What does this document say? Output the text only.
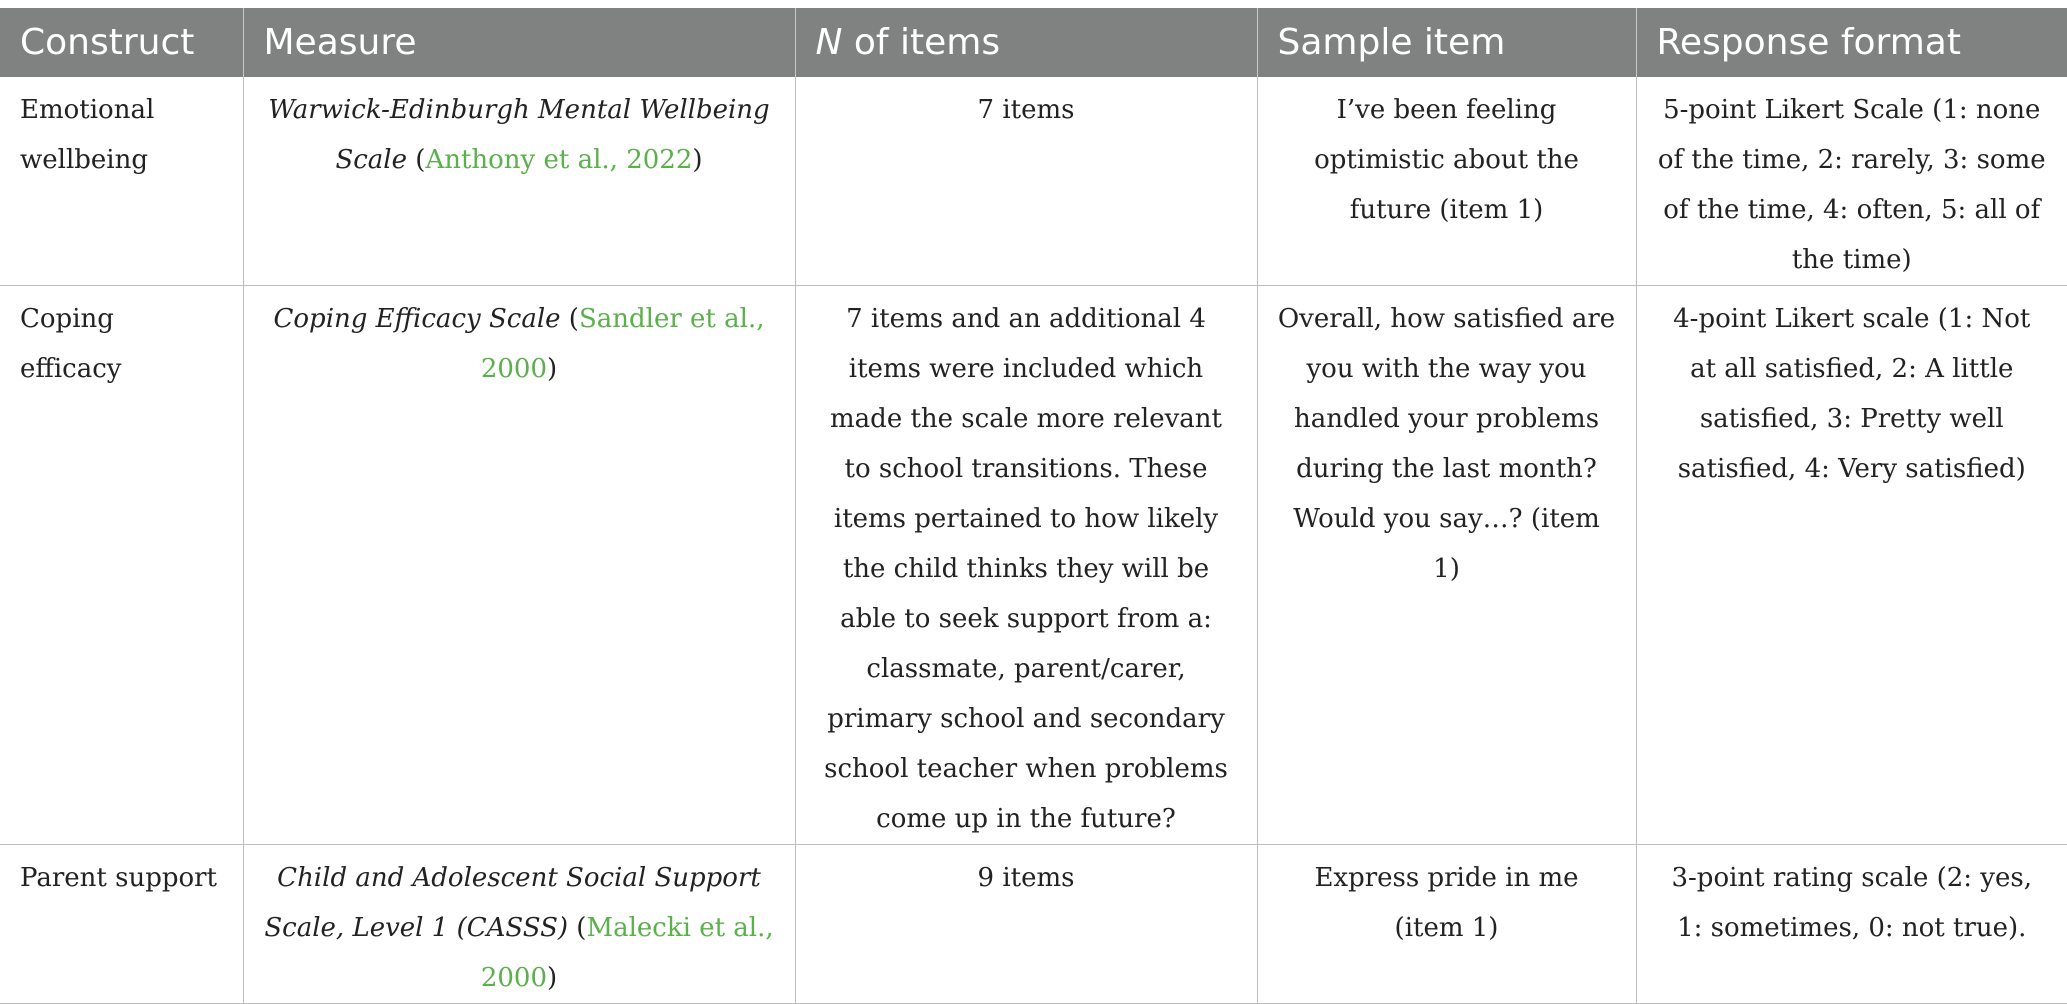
Construct	Measure	N of items	Sample item	Response format
Emotional wellbeing	Warwick-Edinburgh Mental Wellbeing Scale (Anthony et al., 2022)	7 items	I’ve been feeling optimistic about the future (item 1)	5-point Likert Scale (1: none of the time, 2: rarely, 3: some of the time, 4: often, 5: all of the time)
Coping efficacy	Coping Efficacy Scale (Sandler et al., 2000)	7 items and an additional 4 items were included which made the scale more relevant to school transitions. These items pertained to how likely the child thinks they will be able to seek support from a: classmate, parent/carer, primary school and secondary school teacher when problems come up in the future?	Overall, how satisfied are you with the way you handled your problems during the last month? Would you say…? (item 1)	4-point Likert scale (1: Not at all satisfied, 2: A little satisfied, 3: Pretty well satisfied, 4: Very satisfied)
Parent support	Child and Adolescent Social Support Scale, Level 1 (CASSS) (Malecki et al., 2000)	9 items	Express pride in me (item 1)	3-point rating scale (2: yes, 1: sometimes, 0: not true).
